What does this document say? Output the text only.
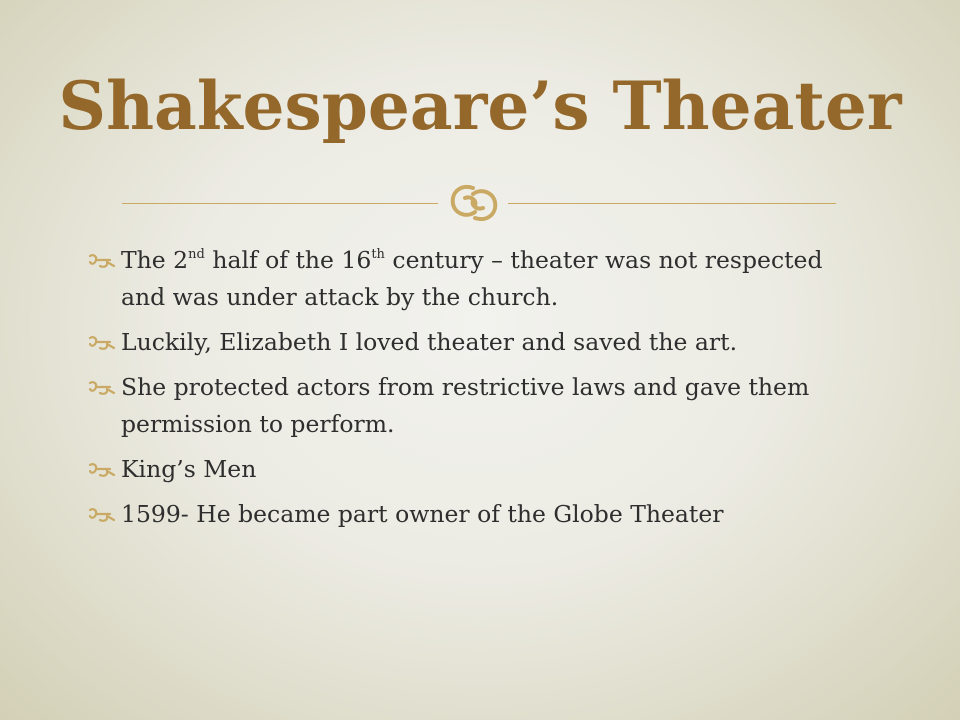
Shakespeare’s Theater
The 2nd half of the 16th century – theater was not respected and was under attack by the church.
Luckily, Elizabeth I loved theater and saved the art.
She protected actors from restrictive laws and gave them permission to perform.
King’s Men
1599- He became part owner of the Globe Theater
